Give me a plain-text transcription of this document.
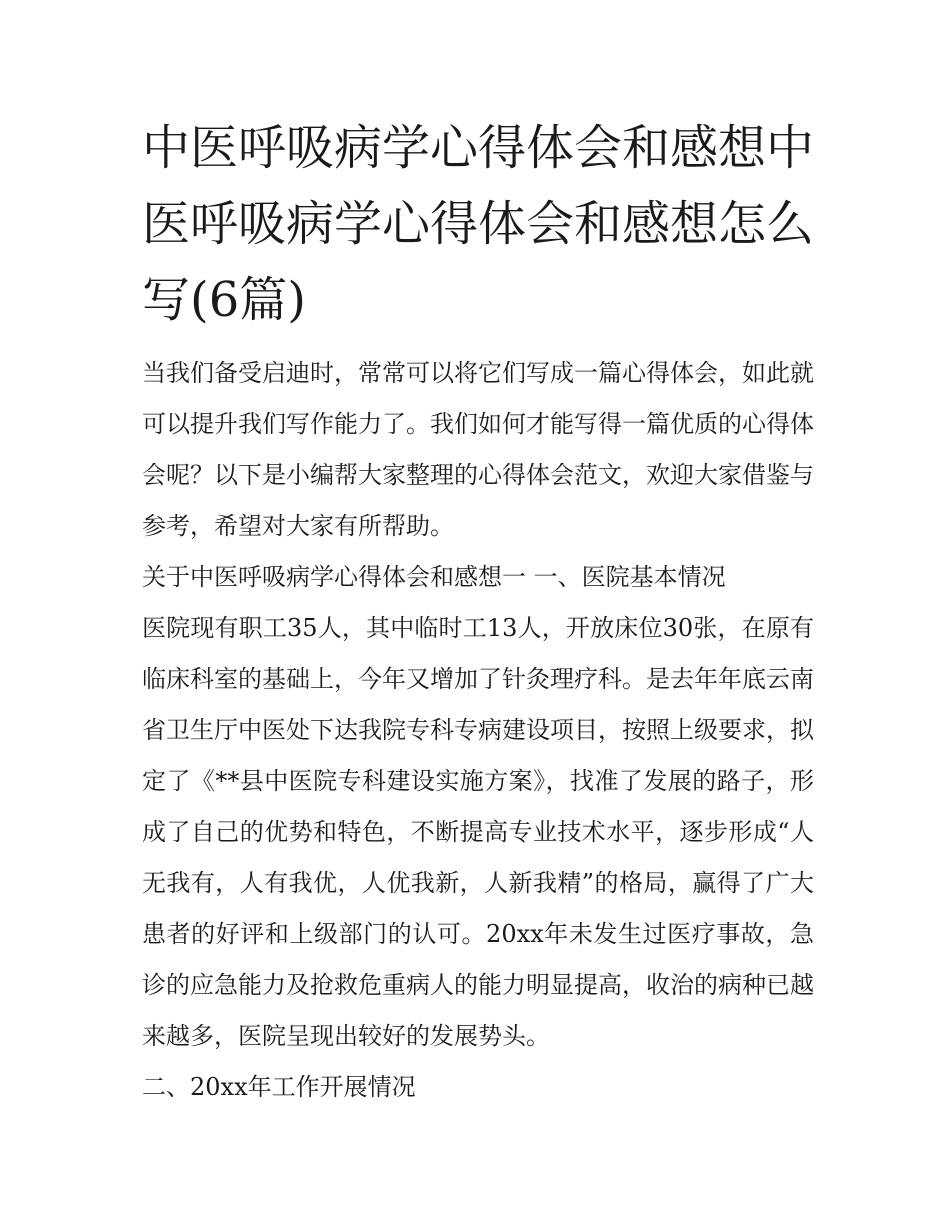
中医呼吸病学心得体会和感想中医呼吸病学心得体会和感想怎么写(6篇)

当我们备受启迪时，常常可以将它们写成一篇心得体会，如此就可以提升我们写作能力了。我们如何才能写得一篇优质的心得体会呢？以下是小编帮大家整理的心得体会范文，欢迎大家借鉴与参考，希望对大家有所帮助。

关于中医呼吸病学心得体会和感想一 一、医院基本情况

医院现有职工35人，其中临时工13人，开放床位30张，在原有临床科室的基础上，今年又增加了针灸理疗科。是去年年底云南省卫生厅中医处下达我院专科专病建设项目，按照上级要求，拟定了《**县中医院专科建设实施方案》，找准了发展的路子，形成了自己的优势和特色，不断提高专业技术水平，逐步形成“人无我有，人有我优，人优我新，人新我精”的格局，赢得了广大患者的好评和上级部门的认可。20xx年未发生过医疗事故，急诊的应急能力及抢救危重病人的能力明显提高，收治的病种已越来越多，医院呈现出较好的发展势头。

二、20xx年工作开展情况
